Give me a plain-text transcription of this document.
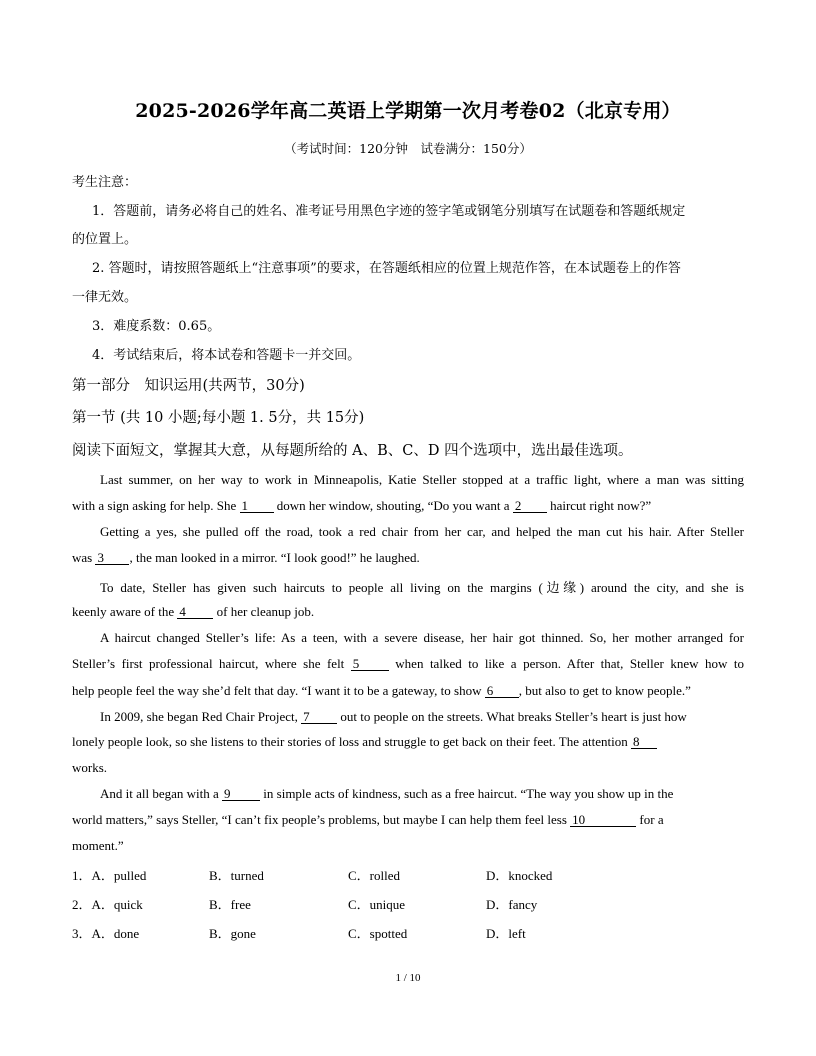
2025-2026学年高二英语上学期第一次月考卷02（北京专用）
（考试时间：120分钟　试卷满分：150分）
考生注意：
1．答题前，请务必将自己的姓名、准考证号用黑色字迹的签字笔或钢笔分别填写在试题卷和答题纸规定
的位置上。
2. 答题时，请按照答题纸上“注意事项”的要求，在答题纸相应的位置上规范作答，在本试题卷上的作答
一律无效。
3．难度系数：0.65。
4．考试结束后，将本试卷和答题卡一并交回。
第一部分　知识运用(共两节，30分)
第一节 (共 10 小题;每小题 1. 5分，共 15分)
阅读下面短文，掌握其大意，从每题所给的 A、B、C、D 四个选项中，选出最佳选项。
Last summer, on her way to work in Minneapolis, Katie Steller stopped at a traffic light, where a man was sitting
with a sign asking for help. She 1 down her window, shouting, “Do you want a 2 haircut right now?”
Getting a yes, she pulled off the road, took a red chair from her car, and helped the man cut his hair. After Steller
was 3 , the man looked in a mirror. “I look good!” he laughed.
To date, Steller has given such haircuts to people all living on the margins (边缘) around the city, and she is
keenly aware of the 4 of her cleanup job.
A haircut changed Steller’s life: As a teen, with a severe disease, her hair got thinned. So, her mother arranged for
Steller’s first professional haircut, where she felt 5	when talked to like a person. After that, Steller knew how to
help people feel the way she’d felt that day. “I want it to be a gateway, to show 6 , but also to get to know people.”
In 2009, she began Red Chair Project, 7 out to people on the streets. What breaks Steller’s heart is just how
lonely people look, so she listens to their stories of loss and struggle to get back on their feet. The attention 8
works.
And it all began with a 9	in simple acts of kindness, such as a free haircut. “The way you show up in the
world matters,” says Steller, “I can’t fix people’s problems, but maybe I can help them feel less 10	for a
moment.”
1．A．pulled	B．turned	C．rolled	D．knocked
2．A．quick	B．free	C．unique	D．fancy
3．A．done	B．gone	C．spotted	D．left
1 / 10
